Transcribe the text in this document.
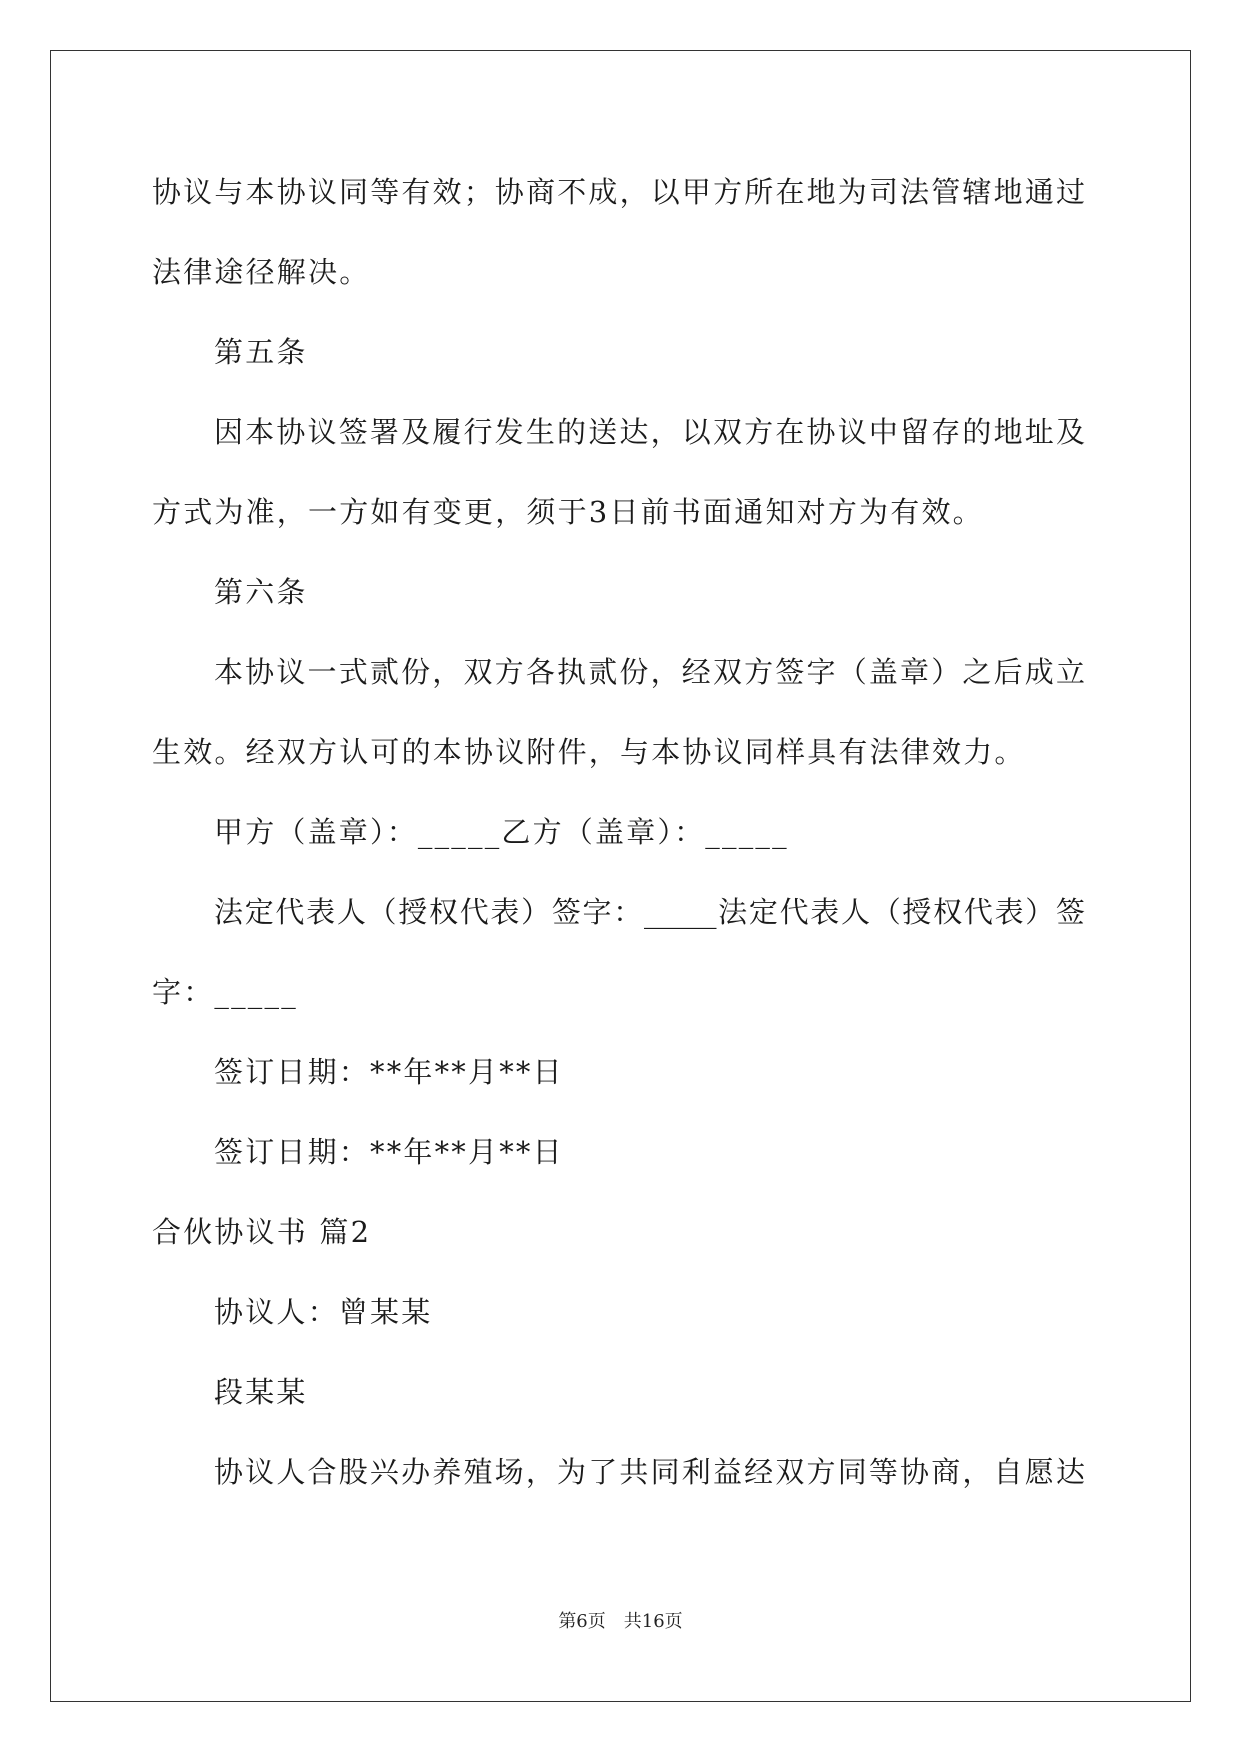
协议与本协议同等有效；协商不成，以甲方所在地为司法管辖地通过
法律途径解决。
第五条
因本协议签署及履行发生的送达，以双方在协议中留存的地址及
方式为准，一方如有变更，须于3日前书面通知对方为有效。
第六条
本协议一式贰份，双方各执贰份，经双方签字（盖章）之后成立
生效。经双方认可的本协议附件，与本协议同样具有法律效力。
甲方（盖章）：_____乙方（盖章）：_____
法定代表人（授权代表）签字：_____法定代表人（授权代表）签
字：_____
签订日期：**年**月**日
签订日期：**年**月**日
合伙协议书 篇2
协议人：曾某某
段某某
协议人合股兴办养殖场，为了共同利益经双方同等协商，自愿达
第6页　共16页
